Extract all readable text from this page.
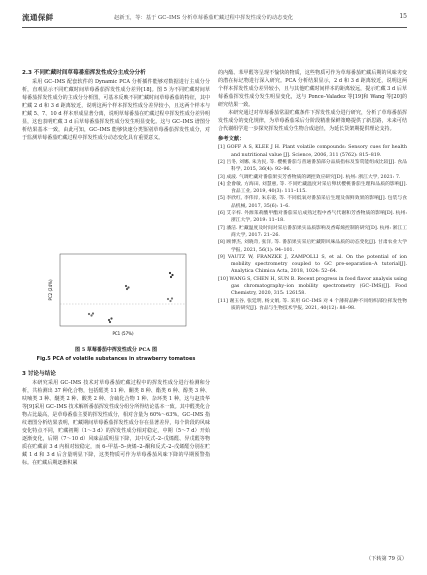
流通保鲜	赵新玉，等：基于 GC–IMS 分析草莓番茄贮藏过程中挥发性成分的动态变化	15

2.3 不同贮藏时间草莓番茄挥发性成分主成分分析

采用 GC–IMS 配套软件的 Dynamic PCA 分析插件能够对数据进行主成分分析，直观显示不同贮藏时间草莓番茄挥发性成分差异[18]。图 5 为不同贮藏时间草莓番茄挥发性成分的主成分分析图，可基本反映不同贮藏时间草莓番茄的特征，其中贮藏 2 d 和 3 d 距离较近，说明这两个样本挥发性成分差异较小，且这两个样本与贮藏 5、7、10 d 样本形成显著分离，说明草莓番茄在贮藏过程中挥发性成分差异明显，这也表明贮藏 3 d 后草莓番茄挥发性成分发生明显变化。这与 GC–IMS 谱图分析结果基本一致，由此可知，GC–IMS 能够快速分类鉴别草莓番茄挥发性成分，对于监测草莓番茄贮藏过程中挥发性成分动态变化具有重要意义。

PC2 (24%)
PC1 (57%)
图 5 草莓番茄中挥发性成分 PCA 图
Fig.5 PCA of volatile substances in strawberry tomatoes

3 讨论与结论

本研究采用 GC–IMS 技术对草莓番茄贮藏过程中的挥发性成分进行检测和分析，共检测出 37 种化合物，包括醛类 11 种、酮类 8 种、酯类 6 种、醇类 3 种、呋喃类 3 种、醚类 2 种、酸类 2 种、含硫化合物 1 种、杂环类 1 种，这与赵贵华等[9]采用 GC–IMS 技术解析番茄挥发性成分组分所得结论基本一致。其中醛类化合物占比最高，是草莓番茄主要的挥发性成分，相对含量为 60%～63%。GC–IMS 指纹谱图分析结果表明，贮藏期间草莓番茄挥发性成分存在显著差异，每个阶段的风味变化特点不同，贮藏初期（1～3 d）的挥发性成分相对稳定，中期（5～7 d）开始逐渐变化，后期（7～10 d）风味品质明显下降，其中反式–2–戊烯醛、异戊醛等物质在贮藏前 3 d 内相对较稳定，而 6–甲基–5–庚烯–2–酮和反式–2–戊烯醛分别在贮藏 1 d 和 3 d 后含量明显下降，这类物质可作为草莓番茄风味下降的早期预警指标。在贮藏后期逐渐积累

的内酯、苯甲醛等呈现不愉快的物质，这些物质可作为草莓番茄贮藏后期的风味劣变的潜在标记物进行深入研究。PCA 分析结果显示，2 d 和 3 d 距离较近，说明这两个样本挥发性成分差异较小，且与其他贮藏时间样本的距离较远，提示贮藏 3 d 后草莓番茄挥发性成分发生明显变化，这与 Ponce–Valadez 等[19]和 Wang 等[20]的研究结果一致。

本研究通过对草莓番茄常温贮藏条件下挥发性成分进行研究，分析了草莓番茄挥发性成分的变化规律，为草莓番茄采后分阶段精准保鲜策略提供了新思路，未来可结合代谢组学进一步探究挥发性成分生物合成途径，为延长货架期提供理论支持。

参考文献：
[1] GOFF A S, KLEE J H. Plant volatile compounds: Sensory cues for health and nutritional value [J]. Science, 2006, 311 (5762): 815–819.
[2] 吕冬, 刘娜, 朱为民, 等. 樱桃番茄与普通番茄部分品质指标及鉴赏能组成比较[J]. 食品科学, 2015, 36(4): 92–96.
[3] 成波. 气调贮藏对番茄果实芳香物质的调控效应研究[D]. 杭州: 浙江大学, 2021: 7.
[4] 金會敏, 方海田, 刘慧惠, 等. 不同贮藏温度对采后卵状樱桃番茄生理和品质的影响[J]. 食品工业, 2019, 40(3): 111–115.
[5] 李欣红, 李伟岸, 朱东姿, 等. 不同低氧对番茄采后生理及保鲜效果的影响[J]. 包装与食品机械, 2017, 35(6): 1–6.
[6] 艾辛梓. 外源茉莉酸甲酯对番茄采后成熟过程中香气代谢和芳香物质的影响[D]. 杭州: 浙江大学, 2019: 11–18.
[7] 潘洁. 贮藏温度及时间对采后番茄果实品质影响及香霉烯控制的研究[D]. 杭州: 浙江工商大学, 2017: 21–26.
[8] 顾博杰, 刘晓奇, 张洋, 等. 番茄果实采后贮藏期风味品质的动态变化[J]. 甘肃农业大学学报, 2021, 56(1): 94–101.
[9] VAUTZ W, FRANZKE J, ZAMPOLLI S, et al. On the potential of ion mobility spectrometry coupled to GC pre-separation–A tutorial[J]. Analytica Chimica Acta, 2018, 1024: 52–64.
[10] WANG S, CHEN H, SUN B. Recent progress in food flavor analysis using gas chromatography–ion mobility spectrometry (GC–IMS)[J]. Food Chemistry, 2020, 315: 126158.
[11] 谢玉谷, 张廷明, 杨文娟, 等. 采用 GC–IMS 对 4 个薄荷品种不同组织部位挥发性物质的研究[J]. 食品与生物技术学报, 2021, 40(12): 88–98.
（下转第 79 页）
